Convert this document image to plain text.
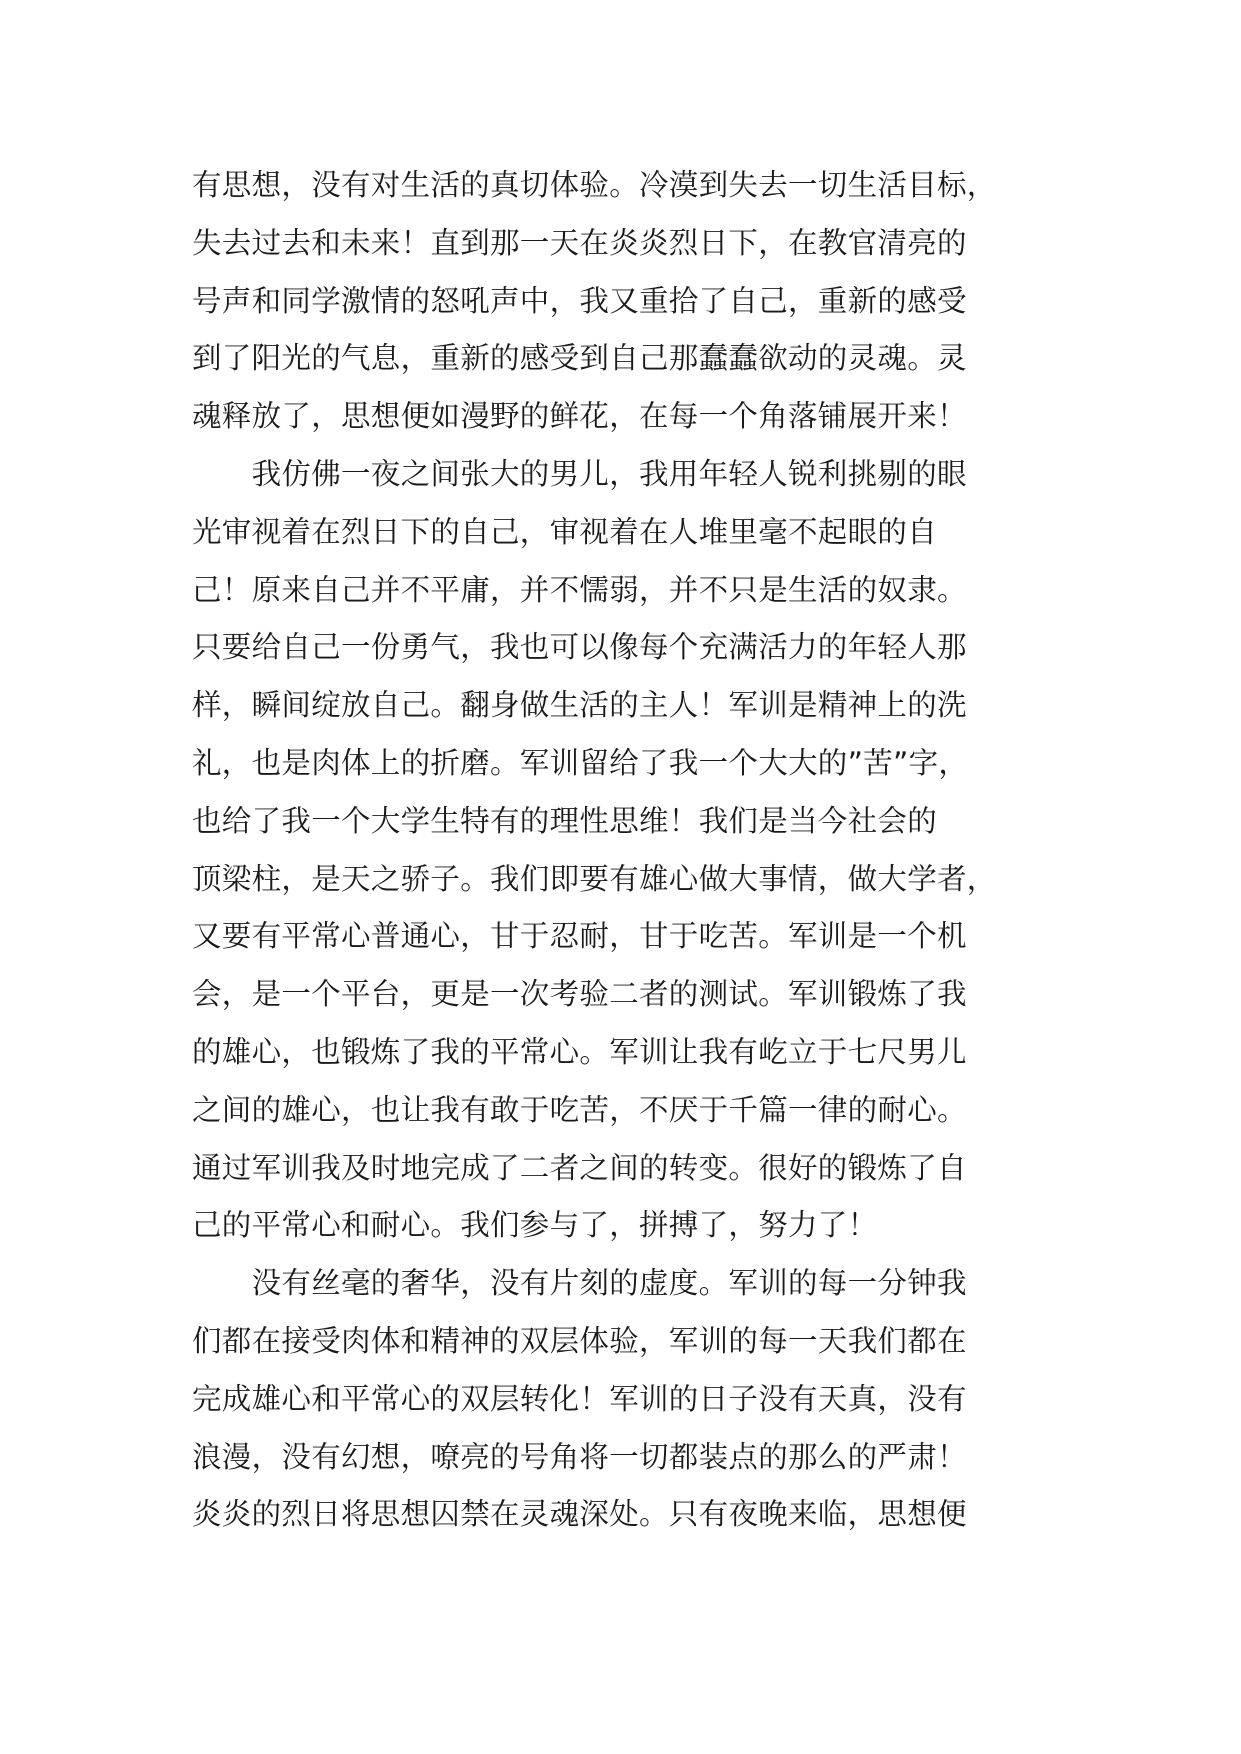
有思想，没有对生活的真切体验。冷漠到失去一切生活目标，
失去过去和未来！直到那一天在炎炎烈日下，在教官清亮的
号声和同学激情的怒吼声中，我又重拾了自己，重新的感受
到了阳光的气息，重新的感受到自己那蠢蠢欲动的灵魂。灵
魂释放了，思想便如漫野的鲜花，在每一个角落铺展开来！
　　我仿佛一夜之间张大的男儿，我用年轻人锐利挑剔的眼
光审视着在烈日下的自己，审视着在人堆里毫不起眼的自
己！原来自己并不平庸，并不懦弱，并不只是生活的奴隶。
只要给自己一份勇气，我也可以像每个充满活力的年轻人那
样，瞬间绽放自己。翻身做生活的主人！军训是精神上的洗
礼，也是肉体上的折磨。军训留给了我一个大大的”苦”字，
也给了我一个大学生特有的理性思维！我们是当今社会的
顶梁柱，是天之骄子。我们即要有雄心做大事情，做大学者，
又要有平常心普通心，甘于忍耐，甘于吃苦。军训是一个机
会，是一个平台，更是一次考验二者的测试。军训锻炼了我
的雄心，也锻炼了我的平常心。军训让我有屹立于七尺男儿
之间的雄心，也让我有敢于吃苦，不厌于千篇一律的耐心。
通过军训我及时地完成了二者之间的转变。很好的锻炼了自
己的平常心和耐心。我们参与了，拼搏了，努力了！
　　没有丝毫的奢华，没有片刻的虚度。军训的每一分钟我
们都在接受肉体和精神的双层体验，军训的每一天我们都在
完成雄心和平常心的双层转化！军训的日子没有天真，没有
浪漫，没有幻想，嘹亮的号角将一切都装点的那么的严肃！
炎炎的烈日将思想囚禁在灵魂深处。只有夜晚来临，思想便
